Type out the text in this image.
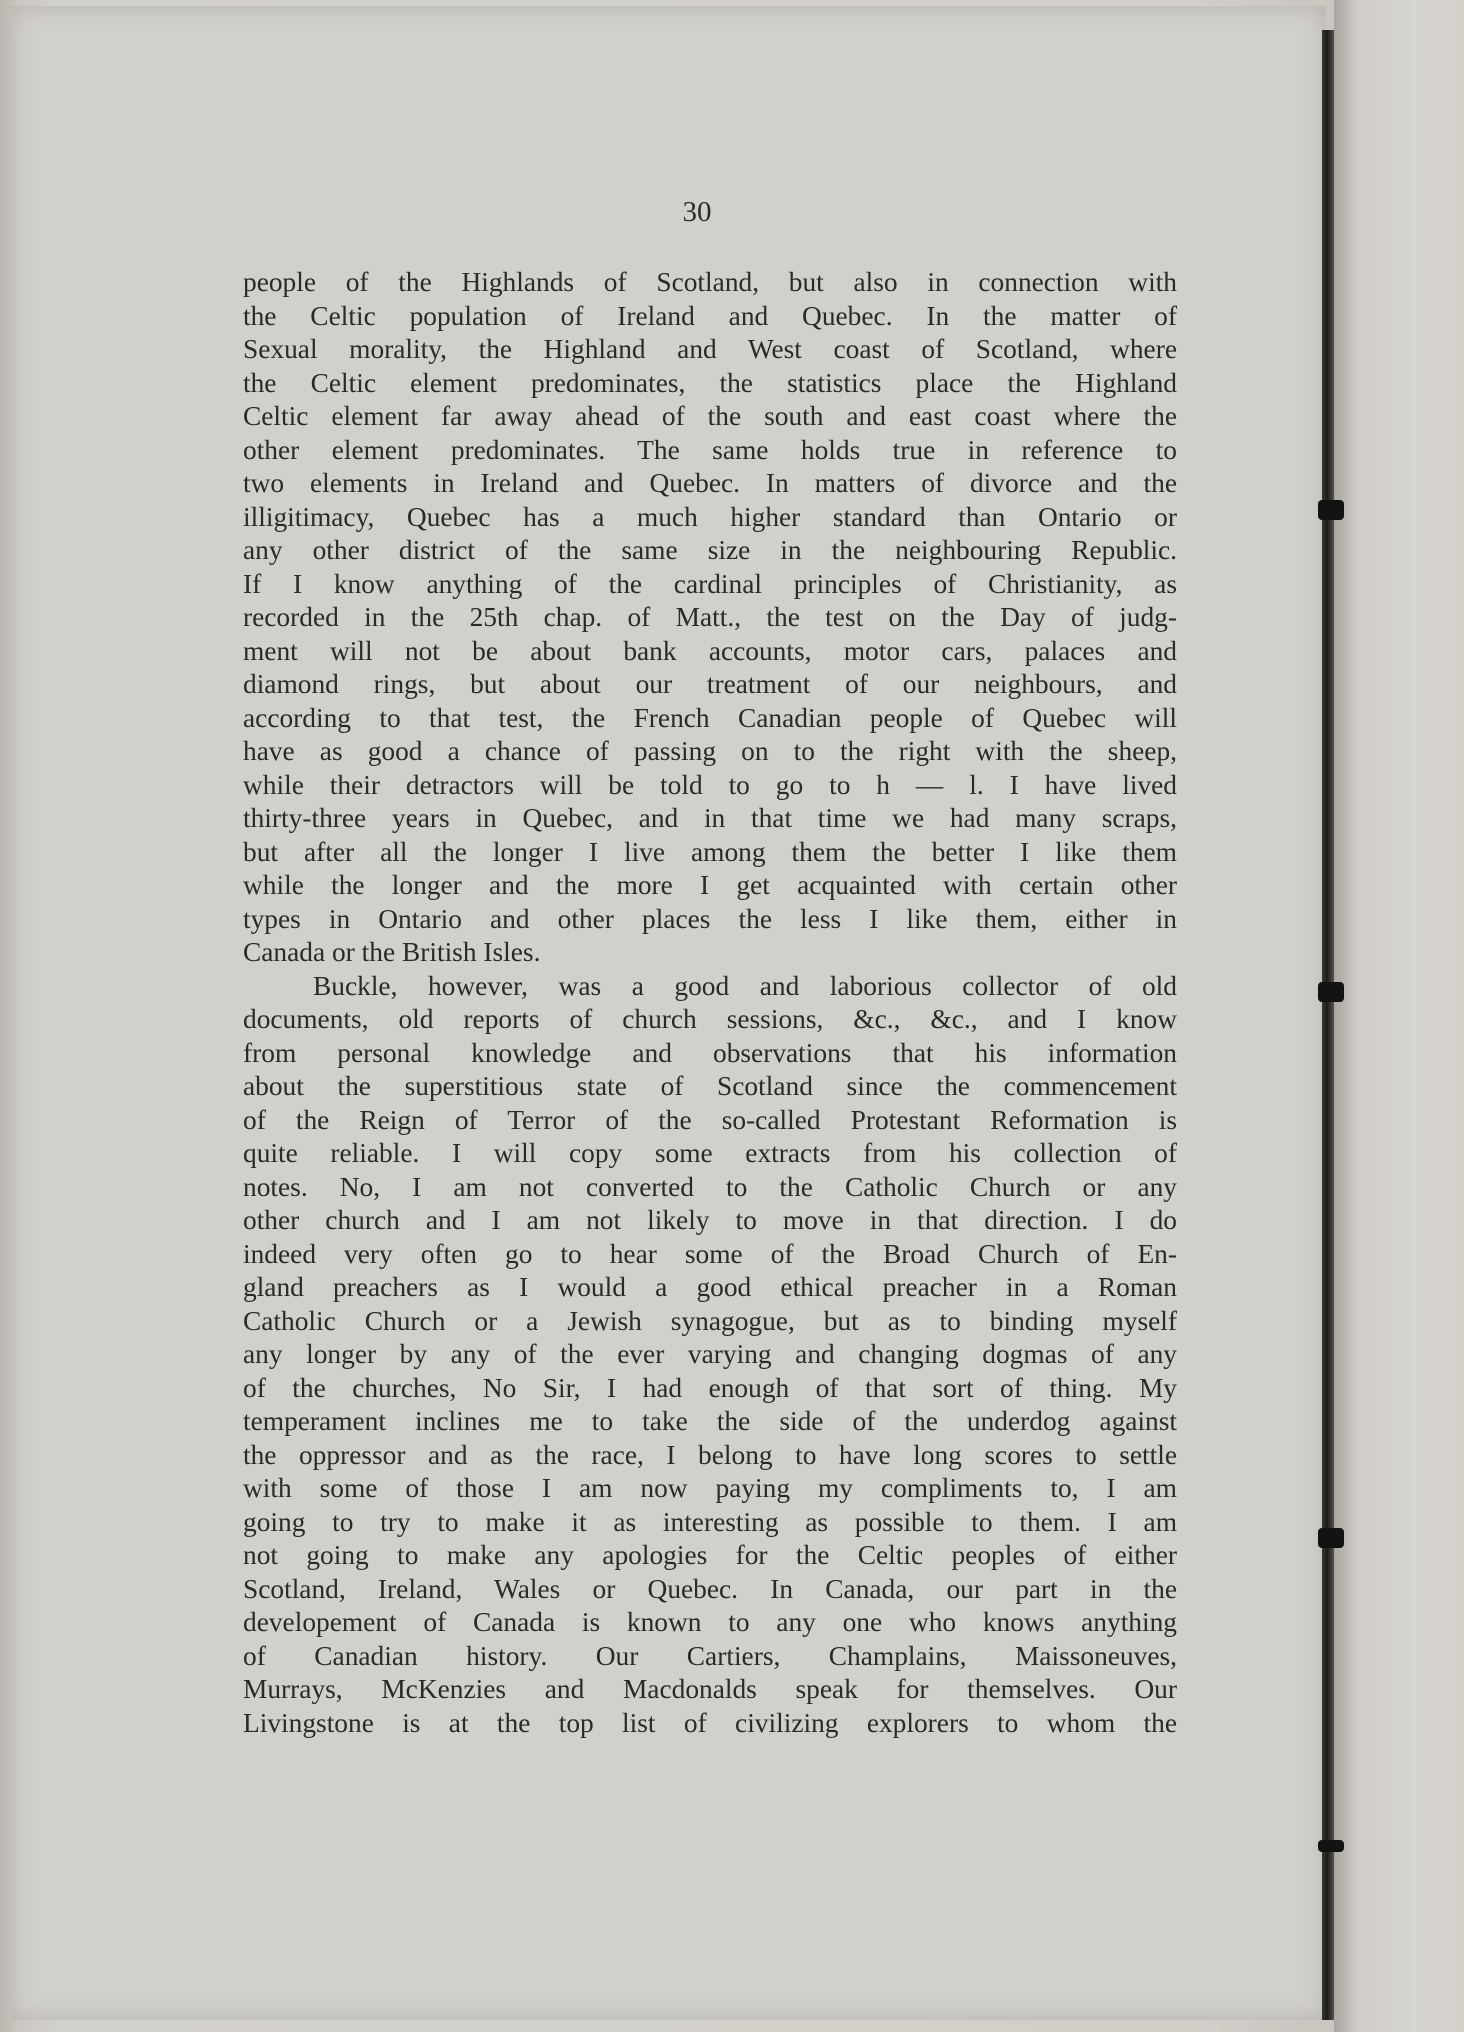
30

people of the Highlands of Scotland, but also in connection with
the Celtic population of Ireland and Quebec. In the matter of
Sexual morality, the Highland and West coast of Scotland, where
the Celtic element predominates, the statistics place the Highland
Celtic element far away ahead of the south and east coast where the
other element predominates. The same holds true in reference to
two elements in Ireland and Quebec. In matters of divorce and the
illigitimacy, Quebec has a much higher standard than Ontario or
any other district of the same size in the neighbouring Republic.
If I know anything of the cardinal principles of Christianity, as
recorded in the 25th chap. of Matt., the test on the Day of judg-
ment will not be about bank accounts, motor cars, palaces and
diamond rings, but about our treatment of our neighbours, and
according to that test, the French Canadian people of Quebec will
have as good a chance of passing on to the right with the sheep,
while their detractors will be told to go to h — l. I have lived
thirty-three years in Quebec, and in that time we had many scraps,
but after all the longer I live among them the better I like them
while the longer and the more I get acquainted with certain other
types in Ontario and other places the less I like them, either in
Canada or the British Isles.

Buckle, however, was a good and laborious collector of old
documents, old reports of church sessions, &c., &c., and I know
from personal knowledge and observations that his information
about the superstitious state of Scotland since the commencement
of the Reign of Terror of the so-called Protestant Reformation is
quite reliable. I will copy some extracts from his collection of
notes. No, I am not converted to the Catholic Church or any
other church and I am not likely to move in that direction. I do
indeed very often go to hear some of the Broad Church of En-
gland preachers as I would a good ethical preacher in a Roman
Catholic Church or a Jewish synagogue, but as to binding myself
any longer by any of the ever varying and changing dogmas of any
of the churches, No Sir, I had enough of that sort of thing. My
temperament inclines me to take the side of the underdog against
the oppressor and as the race, I belong to have long scores to settle
with some of those I am now paying my compliments to, I am
going to try to make it as interesting as possible to them. I am
not going to make any apologies for the Celtic peoples of either
Scotland, Ireland, Wales or Quebec. In Canada, our part in the
developement of Canada is known to any one who knows anything
of Canadian history. Our Cartiers, Champlains, Maissoneuves,
Murrays, McKenzies and Macdonalds speak for themselves. Our
Livingstone is at the top list of civilizing explorers to whom the
